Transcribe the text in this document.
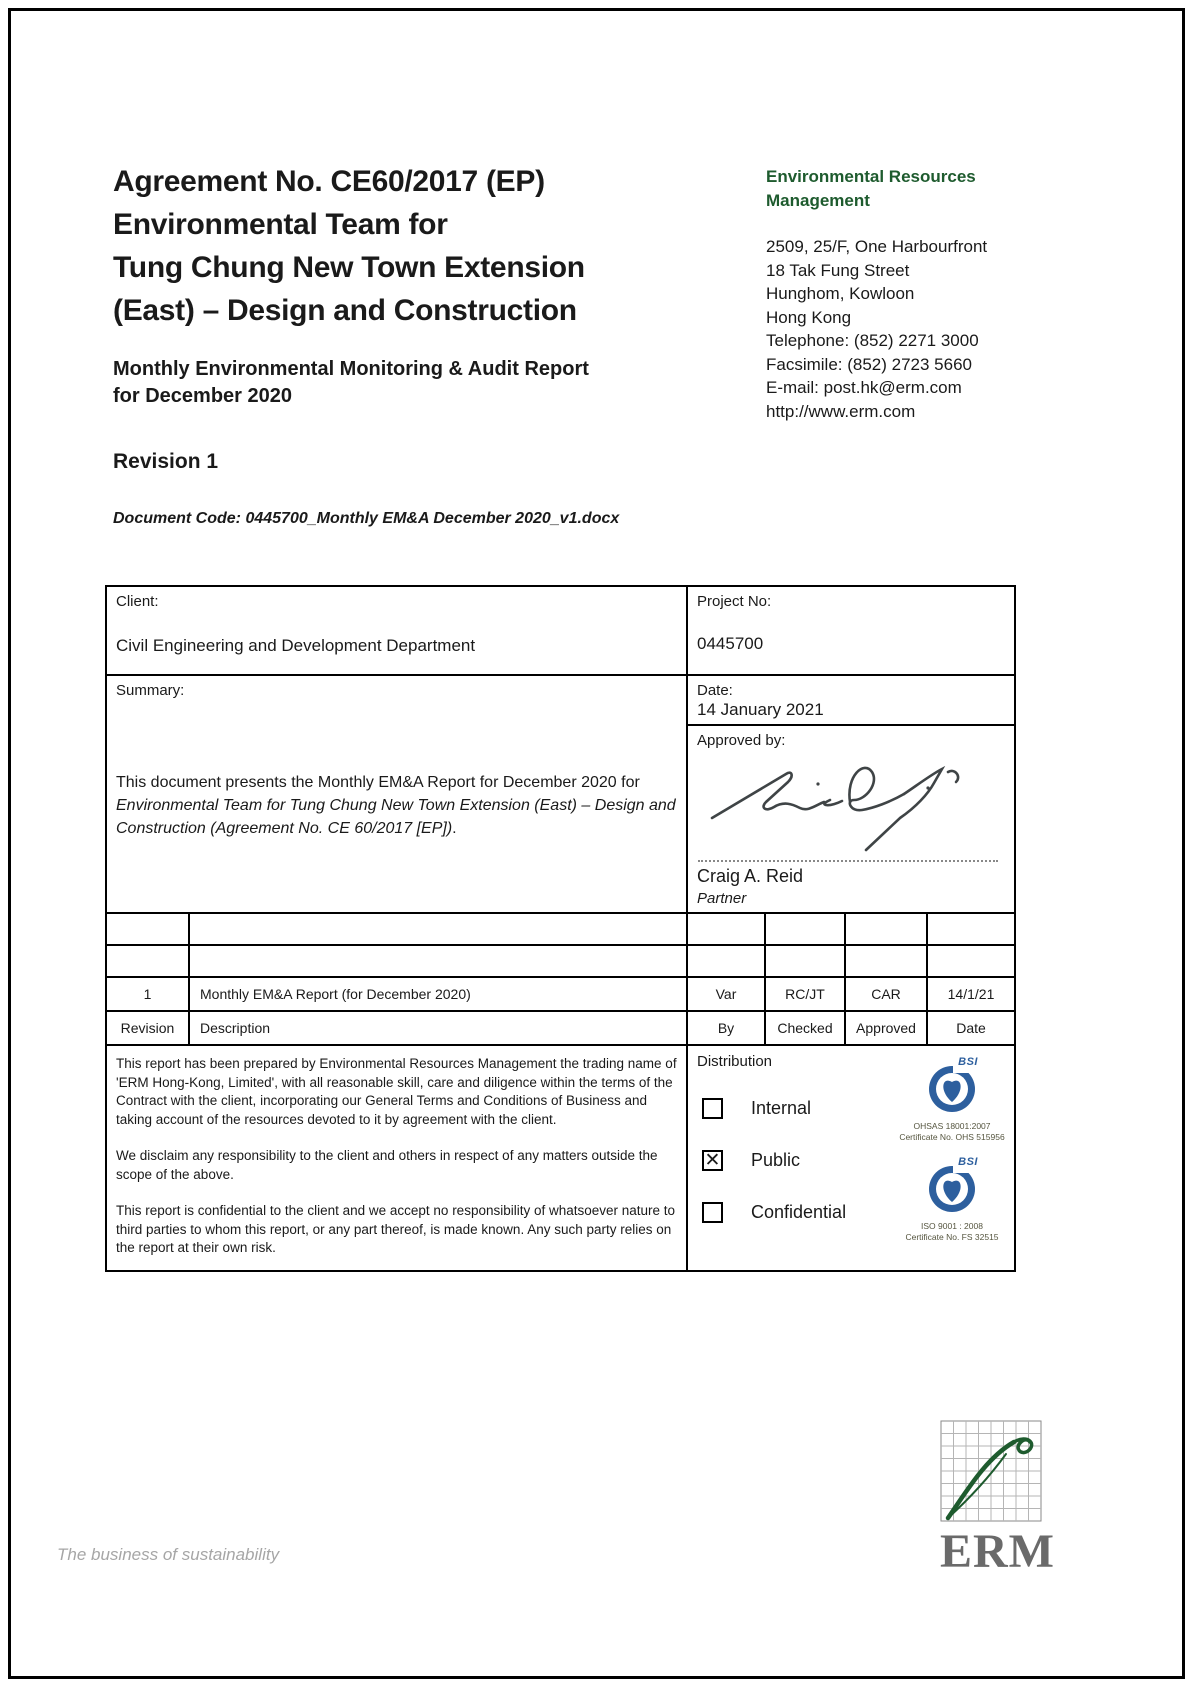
Agreement No. CE60/2017 (EP)
Environmental Team for
Tung Chung New Town Extension
(East) – Design and Construction
Monthly Environmental Monitoring & Audit Report
for December 2020
Revision 1
Document Code: 0445700_Monthly EM&A December 2020_v1.docx
Environmental Resources
Management
2509, 25/F, One Harbourfront
18 Tak Fung Street
Hunghom, Kowloon
Hong Kong
Telephone: (852) 2271 3000
Facsimile: (852) 2723 5660
E-mail: post.hk@erm.com
http://www.erm.com
Client:
Civil Engineering and Development Department
Project No:
0445700
Summary:

This document presents the Monthly EM&A Report for December 2020 for Environmental Team for Tung Chung New Town Extension (East) – Design and Construction (Agreement No. CE 60/2017 [EP]).

Date:
14 January 2021
Approved by:
Craig A. Reid
Partner
1	Monthly EM&A Report (for December 2020)	Var	RC/JT	CAR	14/1/21
Revision	Description	By	Checked	Approved	Date

This report has been prepared by Environmental Resources Management the trading name of 'ERM Hong-Kong, Limited', with all reasonable skill, care and diligence within the terms of the Contract with the client, incorporating our General Terms and Conditions of Business and taking account of the resources devoted to it by agreement with the client.

We disclaim any responsibility to the client and others in respect of any matters outside the scope of the above.

This report is confidential to the client and we accept no responsibility of whatsoever nature to third parties to whom this report, or any part thereof, is made known. Any such party relies on the report at their own risk.

Distribution
Internal
✕ Public
Confidential
BSI
OHSAS 18001:2007
Certificate No. OHS 515956
BSI
ISO 9001 : 2008
Certificate No. FS 32515
The business of sustainability	ERM
